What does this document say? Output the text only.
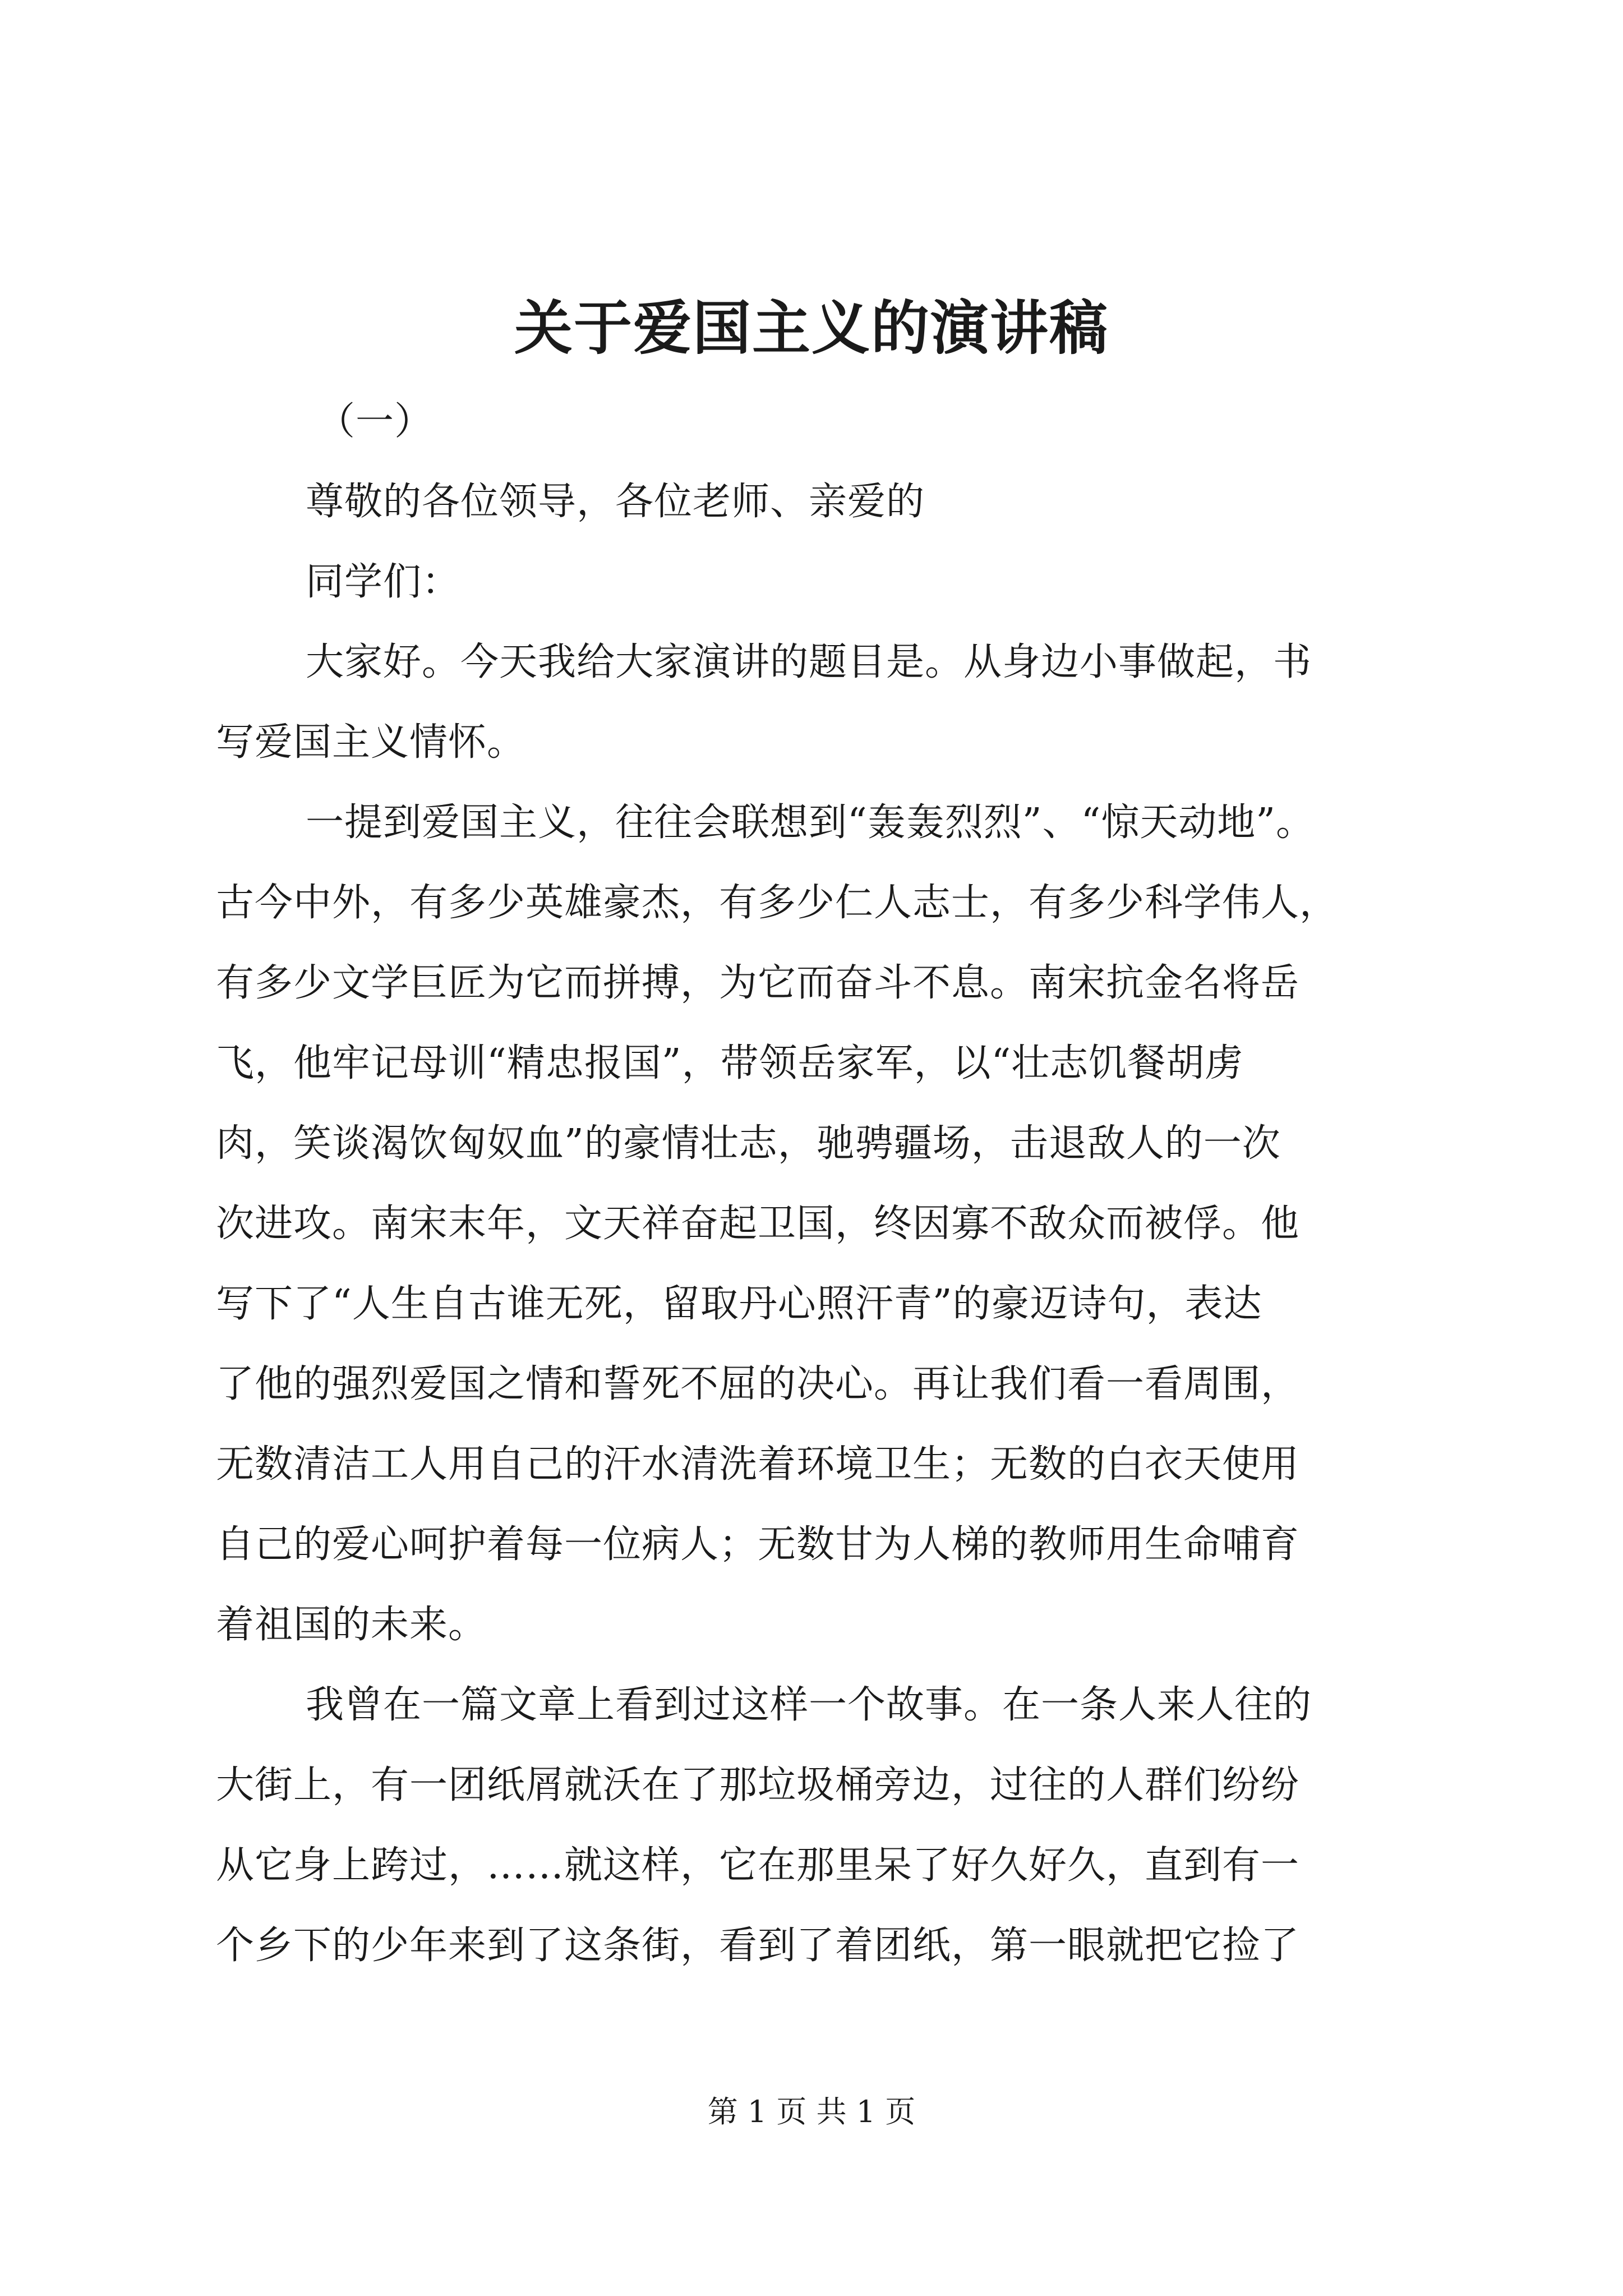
关于爱国主义的演讲稿
（一）
尊敬的各位领导，各位老师、亲爱的
同学们：
大家好。今天我给大家演讲的题目是。从身边小事做起，书
写爱国主义情怀。
一提到爱国主义，往往会联想到“轰轰烈烈”、“惊天动地”。
古今中外，有多少英雄豪杰，有多少仁人志士，有多少科学伟人，
有多少文学巨匠为它而拼搏，为它而奋斗不息。南宋抗金名将岳
飞，他牢记母训“精忠报国”，带领岳家军，以“壮志饥餐胡虏
肉，笑谈渴饮匈奴血”的豪情壮志，驰骋疆场，击退敌人的一次
次进攻。南宋末年，文天祥奋起卫国，终因寡不敌众而被俘。他
写下了“人生自古谁无死，留取丹心照汗青”的豪迈诗句，表达
了他的强烈爱国之情和誓死不屈的决心。再让我们看一看周围，
无数清洁工人用自己的汗水清洗着环境卫生；无数的白衣天使用
自己的爱心呵护着每一位病人；无数甘为人梯的教师用生命哺育
着祖国的未来。
我曾在一篇文章上看到过这样一个故事。在一条人来人往的
大街上，有一团纸屑就沃在了那垃圾桶旁边，过往的人群们纷纷
从它身上跨过，……就这样，它在那里呆了好久好久，直到有一
个乡下的少年来到了这条街，看到了着团纸，第一眼就把它捡了
第 1 页 共 1 页
